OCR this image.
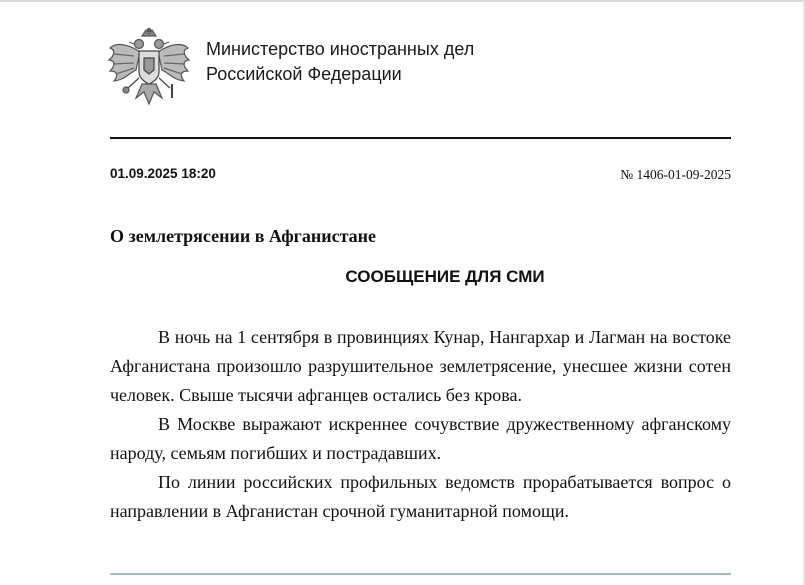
Министерство иностранных дел
Российской Федерации
01.09.2025 18:20	№ 1406-01-09-2025
О землетрясении в Афганистане
СООБЩЕНИЕ ДЛЯ СМИ

В ночь на 1 сентября в провинциях Кунар, Нангархар и Лагман на востоке Афганистана произошло разрушительное землетрясение, унесшее жизни сотен человек. Свыше тысячи афганцев остались без крова.

В Москве выражают искреннее сочувствие дружественному афганскому народу, семьям погибших и пострадавших.

По линии российских профильных ведомств прорабатывается вопрос о направлении в Афганистан срочной гуманитарной помощи.
